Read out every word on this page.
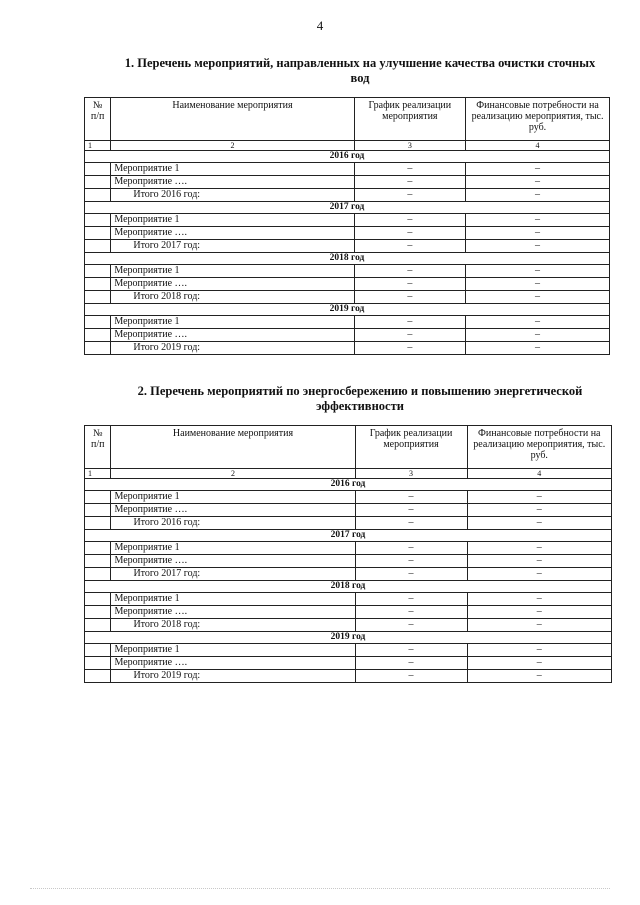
4
1. Перечень мероприятий, направленных на улучшение качества очистки сточных вод
№ п/п	Наименование мероприятия	График реализации мероприятия	Финансовые потребности на реализацию мероприятия, тыс. руб.
1	2	3	4
2016 год			
	Мероприятие 1	–	–
	Мероприятие ….	–	–
	Итого 2016 год:	–	–
2017 год			
	Мероприятие 1	–	–
	Мероприятие ….	–	–
	Итого 2017 год:	–	–
2018 год			
	Мероприятие 1	–	–
	Мероприятие ….	–	–
	Итого 2018 год:	–	–
2019 год			
	Мероприятие 1	–	–
	Мероприятие ….	–	–
	Итого 2019 год:	–	–
2. Перечень мероприятий по энергосбережению и повышению энергетической эффективности
№ п/п	Наименование мероприятия	График реализации мероприятия	Финансовые потребности на реализацию мероприятия, тыс. руб.
1	2	3	4
2016 год			
	Мероприятие 1	–	–
	Мероприятие ….	–	–
	Итого 2016 год:	–	–
2017 год			
	Мероприятие 1	–	–
	Мероприятие ….	–	–
	Итого 2017 год:	–	–
2018 год			
	Мероприятие 1	–	–
	Мероприятие ….	–	–
	Итого 2018 год:	–	–
2019 год			
	Мероприятие 1	–	–
	Мероприятие ….	–	–
	Итого 2019 год:	–	–
